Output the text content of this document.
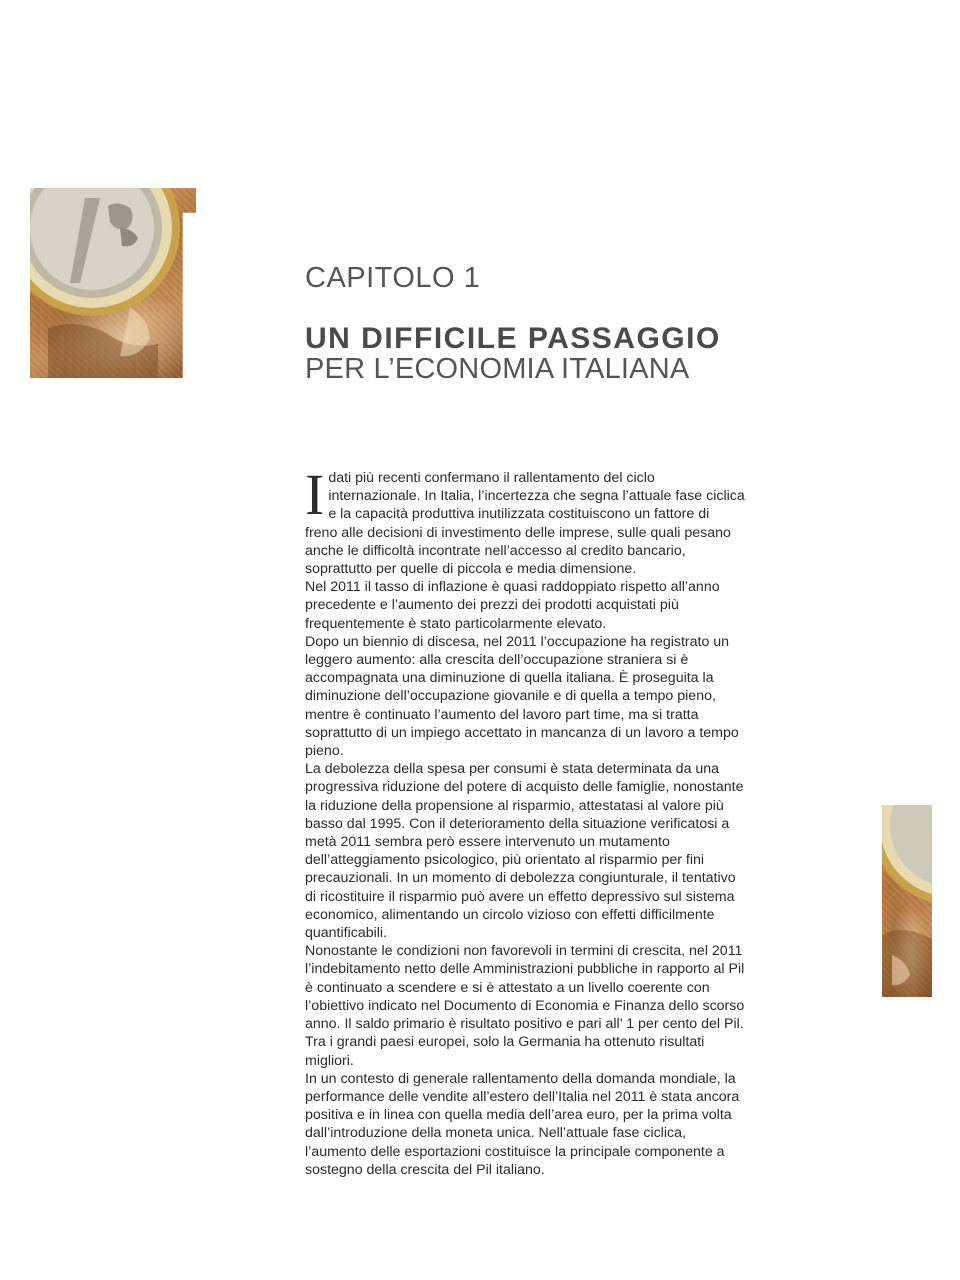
CAPITOLO 1
UN DIFFICILE PASSAGGIO
PER L’ECONOMIA ITALIANA

Idati più recenti confermano il rallentamento del ciclo internazionale. In Italia, l’incertezza che segna l’attuale fase ciclica e la capacità produttiva inutilizzata costituiscono un fattore di freno alle decisioni di investimento delle imprese, sulle quali pesano anche le difficoltà incontrate nell’accesso al credito bancario, soprattutto per quelle di piccola e media dimensione.

Nel 2011 il tasso di inflazione è quasi raddoppiato rispetto all’anno precedente e l’aumento dei prezzi dei prodotti acquistati più frequentemente è stato particolarmente elevato.

Dopo un biennio di discesa, nel 2011 l’occupazione ha registrato un leggero aumento: alla crescita dell’occupazione straniera si è accompagnata una diminuzione di quella italiana. È proseguita la diminuzione dell’occupazione giovanile e di quella a tempo pieno, mentre è continuato l’aumento del lavoro part time, ma si tratta soprattutto di un impiego accettato in mancanza di un lavoro a tempo pieno.

La debolezza della spesa per consumi è stata determinata da una progressiva riduzione del potere di acquisto delle famiglie, nonostante la riduzione della propensione al risparmio, attestatasi al valore più basso dal 1995. Con il deterioramento della situazione verificatosi a metà 2011 sembra però essere intervenuto un mutamento dell’atteggiamento psicologico, più orientato al risparmio per fini precauzionali. In un momento di debolezza congiunturale, il tentativo di ricostituire il risparmio può avere un effetto depressivo sul sistema economico, alimentando un circolo vizioso con effetti difficilmente quantificabili.

Nonostante le condizioni non favorevoli in termini di crescita, nel 2011 l’indebitamento netto delle Amministrazioni pubbliche in rapporto al Pil è continuato a scendere e si è attestato a un livello coerente con l’obiettivo indicato nel Documento di Economia e Finanza dello scorso anno. Il saldo primario è risultato positivo e pari all’ 1 per cento del Pil. Tra i grandi paesi europei, solo la Germania ha ottenuto risultati migliori.

In un contesto di generale rallentamento della domanda mondiale, la performance delle vendite all’estero dell’Italia nel 2011 è stata ancora positiva e in linea con quella media dell’area euro, per la prima volta dall’introduzione della moneta unica. Nell’attuale fase ciclica, l’aumento delle esportazioni costituisce la principale componente a sostegno della crescita del Pil italiano.
